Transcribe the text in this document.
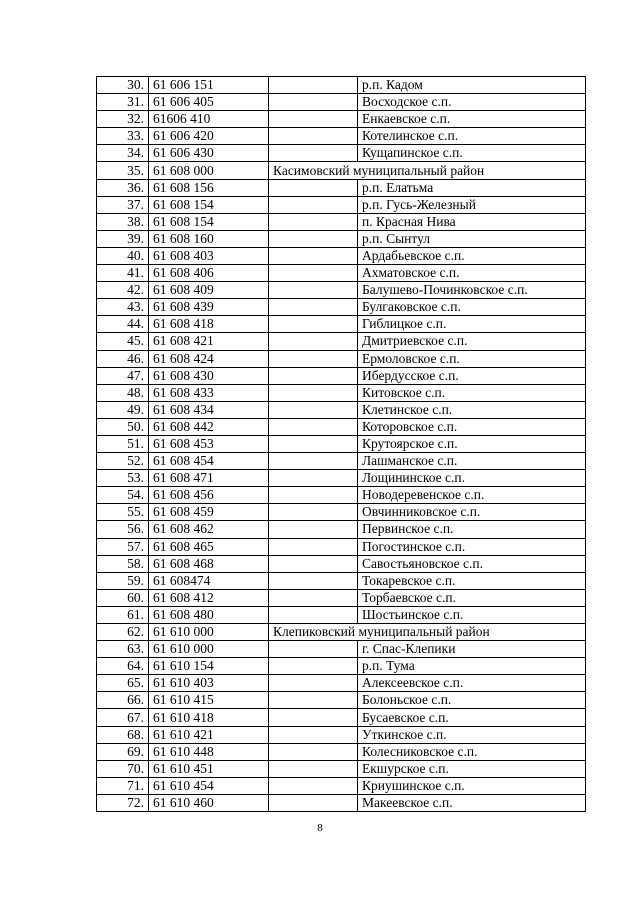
30.	61 606 151		р.п. Кадом
31.	61 606 405		Восходское с.п.
32.	61606 410		Енкаевское с.п.
33.	61 606 420		Котелинское с.п.
34.	61 606 430		Кущапинское с.п.
35.	61 608 000	Касимовский муниципальный район	
36.	61 608 156		р.п. Елатьма
37.	61 608 154		р.п. Гусь-Железный
38.	61 608 154		п. Красная Нива
39.	61 608 160		р.п. Сынтул
40.	61 608 403		Ардабьевское с.п.
41.	61 608 406		Ахматовское с.п.
42.	61 608 409		Балушево-Починковское с.п.
43.	61 608 439		Булгаковское с.п.
44.	61 608 418		Гиблицкое с.п.
45.	61 608 421		Дмитриевское с.п.
46.	61 608 424		Ермоловское с.п.
47.	61 608 430		Ибердусское с.п.
48.	61 608 433		Китовское с.п.
49.	61 608 434		Клетинское с.п.
50.	61 608 442		Которовское с.п.
51.	61 608 453		Крутоярское с.п.
52.	61 608 454		Лашманское с.п.
53.	61 608 471		Лощининское с.п.
54.	61 608 456		Новодеревенское с.п.
55.	61 608 459		Овчинниковское с.п.
56.	61 608 462		Первинское с.п.
57.	61 608 465		Погостинское с.п.
58.	61 608 468		Савостьяновское с.п.
59.	61 608474		Токаревское с.п.
60.	61 608 412		Торбаевское с.п.
61.	61 608 480		Шостьинское с.п.
62.	61 610 000	Клепиковский муниципальный район	
63.	61 610 000		г. Спас-Клепики
64.	61 610 154		р.п. Тума
65.	61 610 403		Алексеевское с.п.
66.	61 610 415		Болоньское с.п.
67.	61 610 418		Бусаевское с.п.
68.	61 610 421		Уткинское с.п.
69.	61 610 448		Колесниковское с.п.
70.	61 610 451		Екшурское с.п.
71.	61 610 454		Криушинское с.п.
72.	61 610 460		Макеевское с.п.
8
